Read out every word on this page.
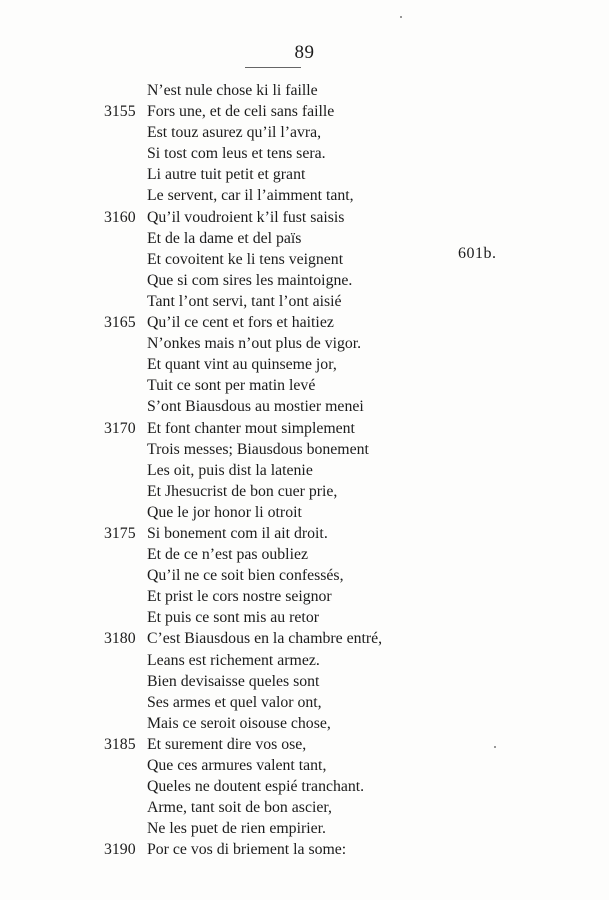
89
N’est nule chose ki li faille
3155 Fors une, et de celi sans faille
Est touz asurez qu’il l’avra,
Si tost com leus et tens sera.
Li autre tuit petit et grant
Le servent, car il l’aimment tant,
3160 Qu’il voudroient k’il fust saisis
Et de la dame et del païs
Et covoitent ke li tens veignent
Que si com sires les maintoigne.
Tant l’ont servi, tant l’ont aisié
3165 Qu’il ce cent et fors et haitiez
N’onkes mais n’out plus de vigor.
Et quant vint au quinseme jor,
Tuit ce sont per matin levé
S’ont Biausdous au mostier menei
3170 Et font chanter mout simplement
Trois messes; Biausdous bonement
Les oit, puis dist la latenie
Et Jhesucrist de bon cuer prie,
Que le jor honor li otroit
3175 Si bonement com il ait droit.
Et de ce n’est pas oubliez
Qu’il ne ce soit bien confessés,
Et prist le cors nostre seignor
Et puis ce sont mis au retor
3180 C’est Biausdous en la chambre entré,
Leans est richement armez.
Bien devisaisse queles sont
Ses armes et quel valor ont,
Mais ce seroit oisouse chose,
3185 Et surement dire vos ose,
Que ces armures valent tant,
Queles ne doutent espié tranchant.
Arme, tant soit de bon ascier,
Ne les puet de rien empirier.
3190 Por ce vos di briement la some:
601b.
